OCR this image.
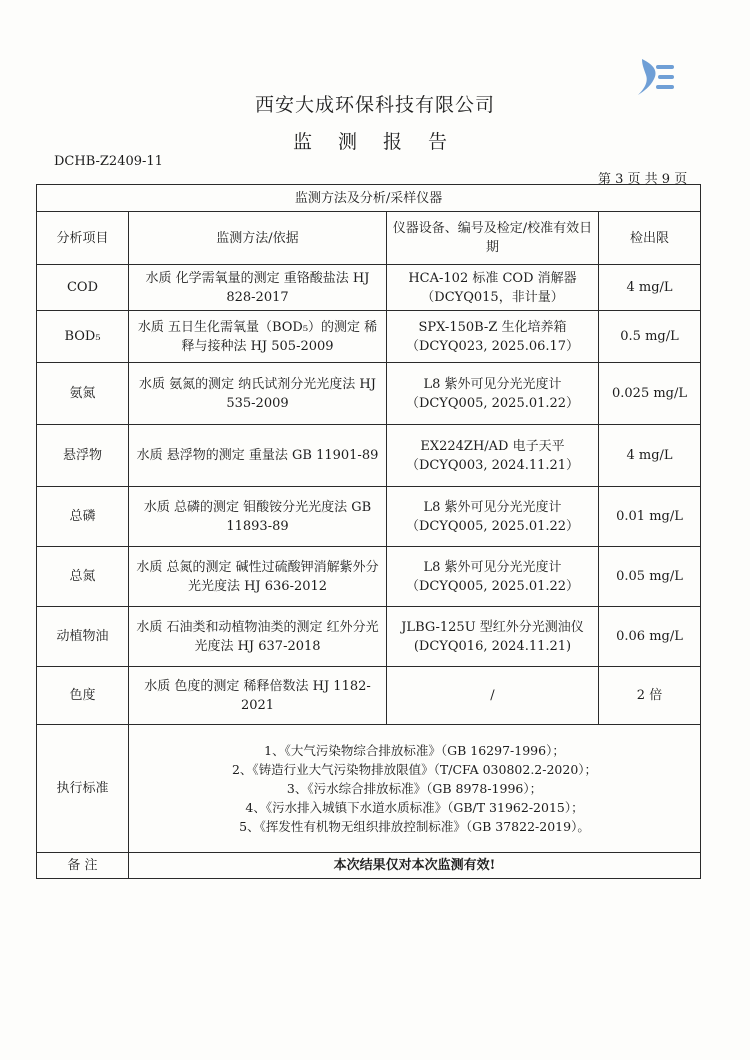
西安大成环保科技有限公司
监 测 报 告
DCHB-Z2409-11
第 3 页 共 9 页
监测方法及分析/采样仪器			
分析项目	监测方法/依据	仪器设备、编号及检定/校准有效日期	检出限
COD	水质 化学需氧量的测定 重铬酸盐法 HJ 828-2017	HCA-102 标准 COD 消解器 （DCYQ015，非计量）	4 mg/L
BOD₅	水质 五日生化需氧量（BOD₅）的测定 稀释与接种法 HJ 505-2009	SPX-150B-Z 生化培养箱 （DCYQ023, 2025.06.17）	0.5 mg/L
氨氮	水质 氨氮的测定 纳氏试剂分光光度法 HJ 535-2009	L8 紫外可见分光光度计 （DCYQ005, 2025.01.22）	0.025 mg/L
悬浮物	水质 悬浮物的测定 重量法 GB 11901-89	EX224ZH/AD 电子天平 （DCYQ003, 2024.11.21）	4 mg/L
总磷	水质 总磷的测定 钼酸铵分光光度法 GB 11893-89	L8 紫外可见分光光度计 （DCYQ005, 2025.01.22）	0.01 mg/L
总氮	水质 总氮的测定 碱性过硫酸钾消解紫外分光光度法 HJ 636-2012	L8 紫外可见分光光度计 （DCYQ005, 2025.01.22）	0.05 mg/L
动植物油	水质 石油类和动植物油类的测定 红外分光光度法 HJ 637-2018	JLBG-125U 型红外分光测油仪(DCYQ016, 2024.11.21)	0.06 mg/L
色度	水质 色度的测定 稀释倍数法 HJ 1182-2021	/	2 倍
执行标准	1、《大气污染物综合排放标准》（GB 16297-1996）；
2、《铸造行业大气污染物排放限值》（T/CFA 030802.2-2020）；
3、《污水综合排放标准》（GB 8978-1996）；
4、《污水排入城镇下水道水质标准》（GB/T 31962-2015）；
5、《挥发性有机物无组织排放控制标准》（GB 37822-2019）。		

备 注	本次结果仅对本次监测有效!		
